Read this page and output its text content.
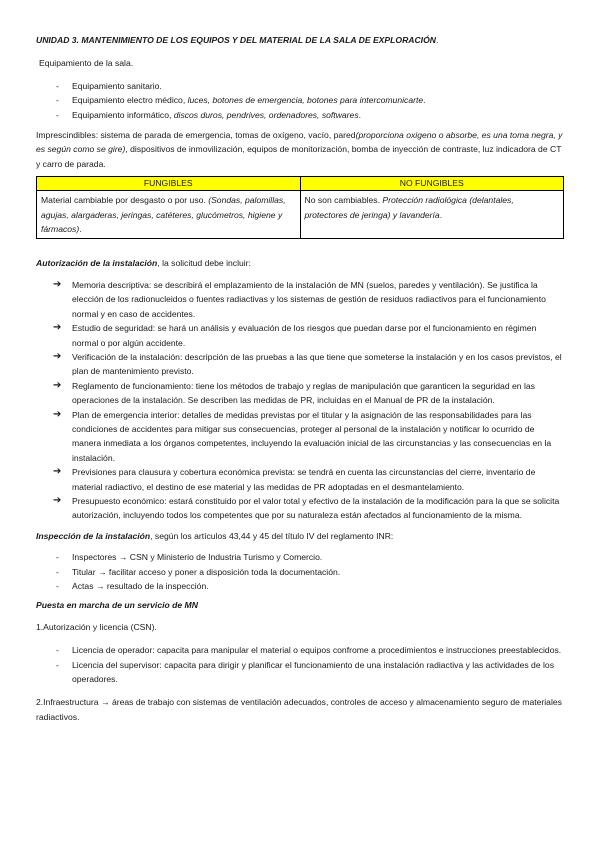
UNIDAD 3. MANTENIMIENTO DE LOS EQUIPOS Y DEL MATERIAL DE LA SALA DE EXPLORACIÓN.

Equipamiento de la sala.

- Equipamiento sanitario.
- Equipamiento electro médico, luces, botones de emergencia, botones para intercomunicarte.
- Equipamiento informático, discos duros, pendrives, ordenadores, softwares.

Imprescindibles: sistema de parada de emergencia, tomas de oxígeno, vacío, pared(proporciona oxigeno o absorbe, es una toma negra, y es según como se gire), dispositivos de inmovilización, equipos de monitorización, bomba de inyección de contraste, luz indicadora de CT y carro de parada.

FUNGIBLES	NO FUNGIBLES
Material cambiable por desgasto o por uso. (Sondas, palomillas, agujas, alargaderas, jeringas, catéteres, glucómetros, higiene y fármacos).	No son cambiables. Protección radiológica (delantales, protectores de jeringa) y lavandería.

Autorización de la instalación, la solicitud debe incluir:

➔ Memoria descriptiva: se describirá el emplazamiento de la instalación de MN (suelos, paredes y ventilación). Se justifica la elección de los radionucleidos o fuentes radiactivas y los sistemas de gestión de residuos radiactivos para el funcionamiento normal y en caso de accidentes.
➔ Estudio de seguridad: se hará un análisis y evaluación de los riesgos que puedan darse por el funcionamiento en régimen normal o por algún accidente.
➔ Verificación de la instalación: descripción de las pruebas a las que tiene que someterse la instalación y en los casos previstos, el plan de mantenimiento previsto.
➔ Reglamento de funcionamiento: tiene los métodos de trabajo y reglas de manipulación que garanticen la seguridad en las operaciones de la instalación. Se describen las medidas de PR, incluidas en el Manual de PR de la instalación.
➔ Plan de emergencia interior: detalles de medidas previstas por el titular y la asignación de las responsabilidades para las condiciones de accidentes para mitigar sus consecuencias, proteger al personal de la instalación y notificar lo ocurrido de manera inmediata a los órganos competentes, incluyendo la evaluación inicial de las circunstancias y las consecuencias en la instalación.
➔ Previsiones para clausura y cobertura económica prevista: se tendrá en cuenta las circunstancias del cierre, inventario de material radiactivo, el destino de ese material y las medidas de PR adoptadas en el desmantelamiento.
➔ Presupuesto económico: estará constituido por el valor total y efectivo de la instalación de la modificación para la que se solicita autorización, incluyendo todos los competentes que por su naturaleza están afectados al funcionamiento de la misma.

Inspección de la instalación, según los artículos 43,44 y 45 del título IV del reglamento INR:

- Inspectores → CSN y Ministerio de Industria Turismo y Comercio.
- Titular → facilitar acceso y poner a disposición toda la documentación.
- Actas → resultado de la inspección.

Puesta en marcha de un servicio de MN

1.Autorización y licencia (CSN).

- Licencia de operador: capacita para manipular el material o equipos confrome a procedimientos e instrucciones preestablecidos.
- Licencia del supervisor: capacita para dirigir y planificar el funcionamiento de una instalación radiactiva y las actividades de los operadores.

2.Infraestructura → áreas de trabajo con sistemas de ventilación adecuados, controles de acceso y almacenamiento seguro de materiales radiactivos.
